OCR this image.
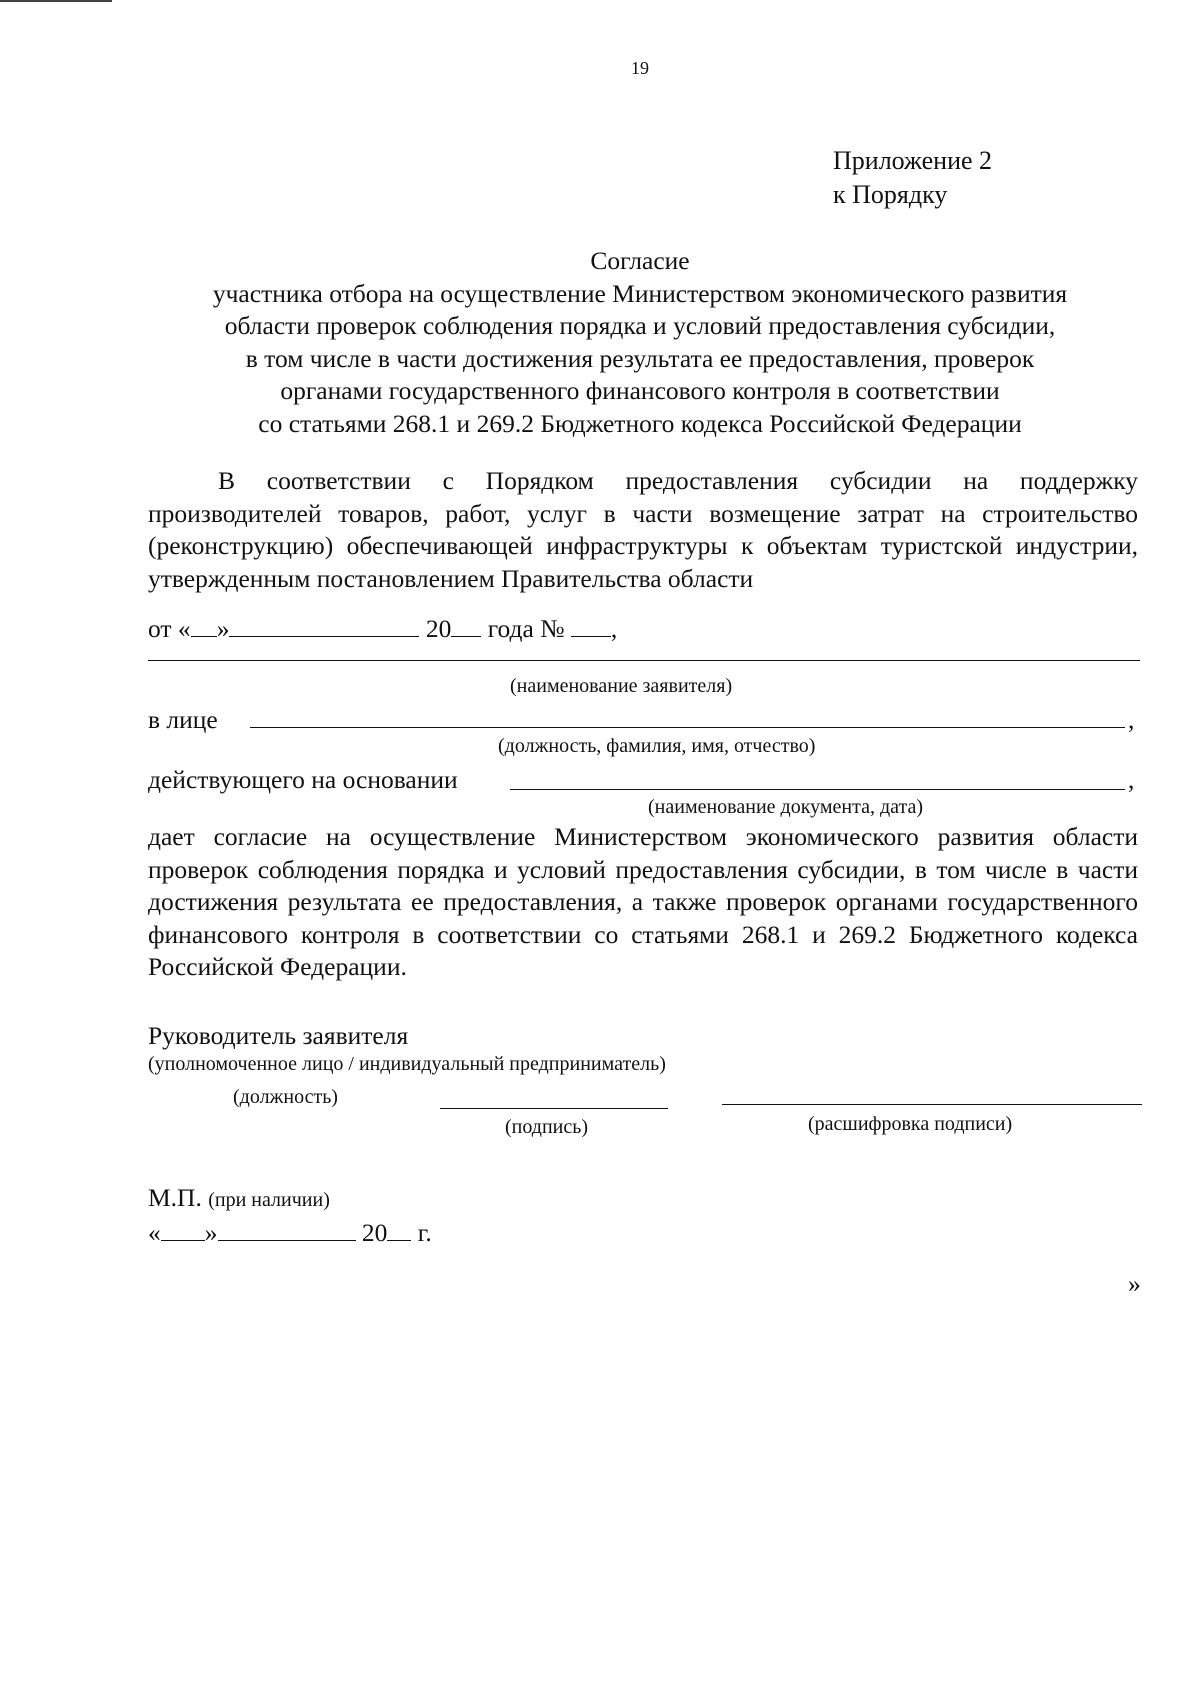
19
Приложение 2
к Порядку
Согласие
участника отбора на осуществление Министерством экономического развития
области проверок соблюдения порядка и условий предоставления субсидии,
в том числе в части достижения результата ее предоставления, проверок
органами государственного финансового контроля в соответствии
со статьями 268.1 и 269.2 Бюджетного кодекса Российской Федерации
В соответствии с Порядком предоставления субсидии на поддержку производителей товаров, работ, услуг в части возмещение затрат на строительство (реконструкцию) обеспечивающей инфраструктуры к объектам туристской индустрии, утвержденным постановлением Правительства области
от « »	20 года № ,
(наименование заявителя)
в лице	,
(должность, фамилия, имя, отчество)
действующего на основании	,
(наименование документа, дата)
дает согласие на осуществление Министерством экономического развития области проверок соблюдения порядка и условий предоставления субсидии, в том числе в части достижения результата ее предоставления, а также проверок органами государственного финансового контроля в соответствии со статьями 268.1 и 269.2 Бюджетного кодекса Российской Федерации.
Руководитель заявителя
(уполномоченное лицо / индивидуальный предприниматель)
(должность)
(подпись)	(расшифровка подписи)
М.П. (при наличии)
« »	20 г.
»
